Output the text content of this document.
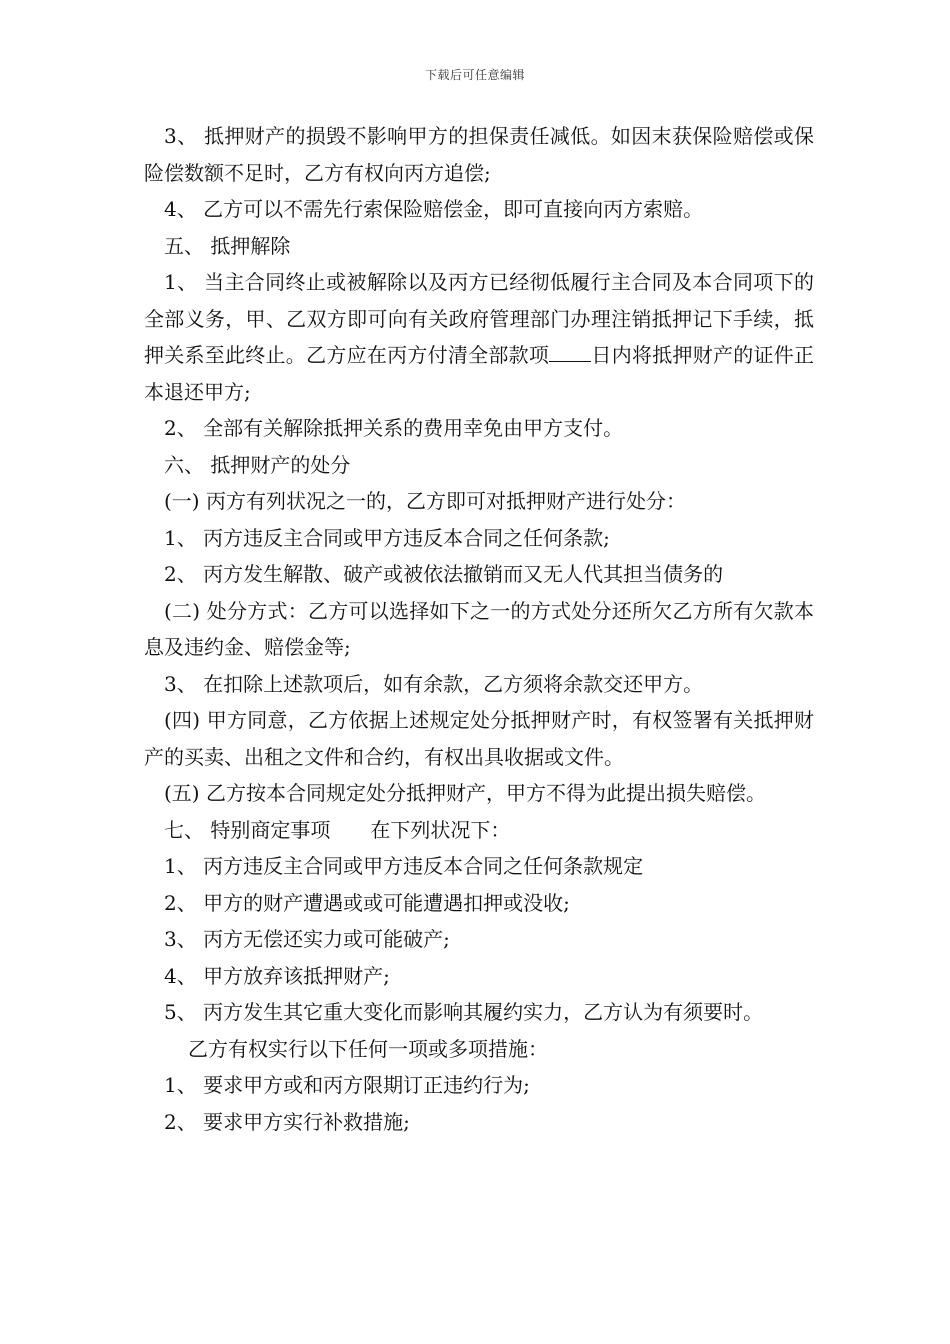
下载后可任意编辑

3、 抵押财产的损毁不影响甲方的担保责任减低。如因末获保险赔偿或保险偿数额不足时，乙方有权向丙方追偿;

4、 乙方可以不需先行索保险赔偿金，即可直接向丙方索赔。

五、 抵押解除

1、 当主合同终止或被解除以及丙方已经彻低履行主合同及本合同项下的全部义务，甲、乙双方即可向有关政府管理部门办理注销抵押记下手续，抵押关系至此终止。乙方应在丙方付清全部款项 日内将抵押财产的证件正本退还甲方;

2、 全部有关解除抵押关系的费用幸免由甲方支付。

六、 抵押财产的处分

(一) 丙方有列状况之一的，乙方即可对抵押财产进行处分：

1、 丙方违反主合同或甲方违反本合同之任何条款;

2、 丙方发生解散、破产或被依法撤销而又无人代其担当债务的

(二) 处分方式：乙方可以选择如下之一的方式处分还所欠乙方所有欠款本息及违约金、赔偿金等;

3、 在扣除上述款项后，如有余款，乙方须将余款交还甲方。

(四) 甲方同意，乙方依据上述规定处分抵押财产时，有权签署有关抵押财产的买卖、出租之文件和合约，有权出具收据或文件。

(五) 乙方按本合同规定处分抵押财产，甲方不得为此提出损失赔偿。

七、 特别商定事项　　在下列状况下：

1、 丙方违反主合同或甲方违反本合同之任何条款规定

2、 甲方的财产遭遇或或可能遭遇扣押或没收;

3、 丙方无偿还实力或可能破产;

4、 甲方放弃该抵押财产;

5、 丙方发生其它重大变化而影响其履约实力，乙方认为有须要时。

乙方有权实行以下任何一项或多项措施：

1、 要求甲方或和丙方限期订正违约行为;

2、 要求甲方实行补救措施;
